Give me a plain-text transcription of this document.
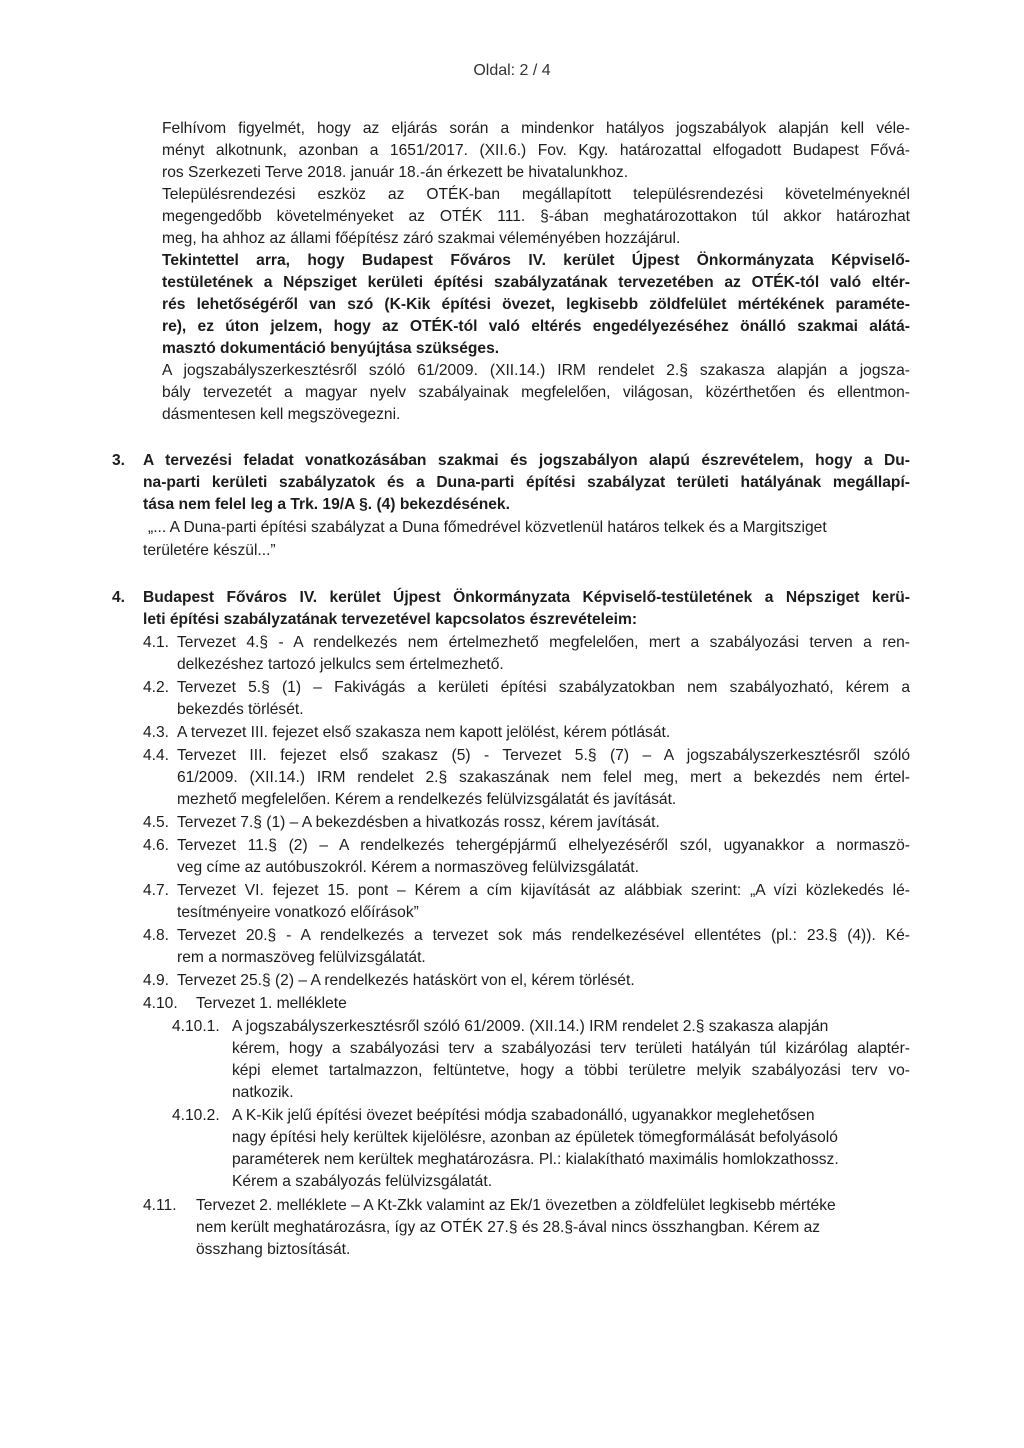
Oldal: 2 / 4
Felhívom figyelmét, hogy az eljárás során a mindenkor hatályos jogszabályok alapján kell véle-
ményt alkotnunk, azonban a 1651/2017. (XII.6.) Fov. Kgy. határozattal elfogadott Budapest Fővá-
ros Szerkezeti Terve 2018. január 18.-án érkezett be hivatalunkhoz.
Településrendezési eszköz az OTÉK-ban megállapított településrendezési követelményeknél
megengedőbb követelményeket az OTÉK 111. §-ában meghatározottakon túl akkor határozhat
meg, ha ahhoz az állami főépítész záró szakmai véleményében hozzájárul.
Tekintettel arra, hogy Budapest Főváros IV. kerület Újpest Önkormányzata Képviselő-
testületének a Népsziget kerületi építési szabályzatának tervezetében az OTÉK-tól való eltér-
rés lehetőségéről van szó (K-Kik építési övezet, legkisebb zöldfelület mértékének paraméte-
re), ez úton jelzem, hogy az OTÉK-tól való eltérés engedélyezéséhez önálló szakmai alátá-
masztó dokumentáció benyújtása szükséges.
A jogszabályszerkesztésről szóló 61/2009. (XII.14.) IRM rendelet 2.§ szakasza alapján a jogsza-
bály tervezetét a magyar nyelv szabályainak megfelelően, világosan, közérthetően és ellentmon-
dásmentesen kell megszövegezni.
3. A tervezési feladat vonatkozásában szakmai és jogszabályon alapú észrevételem, hogy a Du-
na-parti kerületi szabályzatok és a Duna-parti építési szabályzat területi hatályának megállapí-
tása nem felel leg a Trk. 19/A §. (4) bekezdésének.
„... A Duna-parti építési szabályzat a Duna főmedrével közvetlenül határos telkek és a Margitsziget
területére készül...”
4. Budapest Főváros IV. kerület Újpest Önkormányzata Képviselő-testületének a Népsziget kerü-
leti építési szabályzatának tervezetével kapcsolatos észrevételeim:
4.1. Tervezet 4.§ - A rendelkezés nem értelmezhető megfelelően, mert a szabályozási terven a ren-
delkezéshez tartozó jelkulcs sem értelmezhető.
4.2. Tervezet 5.§ (1) – Fakivágás a kerületi építési szabályzatokban nem szabályozható, kérem a
bekezdés törlését.
4.3. A tervezet III. fejezet első szakasza nem kapott jelölést, kérem pótlását.
4.4. Tervezet III. fejezet első szakasz (5) - Tervezet 5.§ (7) – A jogszabályszerkesztésről szóló
61/2009. (XII.14.) IRM rendelet 2.§ szakaszának nem felel meg, mert a bekezdés nem értel-
mezhető megfelelően. Kérem a rendelkezés felülvizsgálatát és javítását.
4.5. Tervezet 7.§ (1) – A bekezdésben a hivatkozás rossz, kérem javítását.
4.6. Tervezet 11.§ (2) – A rendelkezés tehergépjármű elhelyezéséről szól, ugyanakkor a normaszö-
veg címe az autóbuszokról. Kérem a normaszöveg felülvizsgálatát.
4.7. Tervezet VI. fejezet 15. pont – Kérem a cím kijavítását az alábbiak szerint: „A vízi közlekedés lé-
tesítményeire vonatkozó előírások”
4.8. Tervezet 20.§ - A rendelkezés a tervezet sok más rendelkezésével ellentétes (pl.: 23.§ (4)). Ké-
rem a normaszöveg felülvizsgálatát.
4.9. Tervezet 25.§ (2) – A rendelkezés hatáskört von el, kérem törlését.
4.10. Tervezet 1. melléklete
4.10.1. A jogszabályszerkesztésről szóló 61/2009. (XII.14.) IRM rendelet 2.§ szakasza alapján
kérem, hogy a szabályozási terv a szabályozási terv területi hatályán túl kizárólag alaptér-
képi elemet tartalmazzon, feltüntetve, hogy a többi területre melyik szabályozási terv vo-
natkozik.
4.10.2. A K-Kik jelű építési övezet beépítési módja szabadonálló, ugyanakkor meglehetősen
nagy építési hely kerültek kijelölésre, azonban az épületek tömegformálását befolyásoló
paraméterek nem kerültek meghatározásra. Pl.: kialakítható maximális homlokzathossz.
Kérem a szabályozás felülvizsgálatát.
4.11. Tervezet 2. melléklete – A Kt-Zkk valamint az Ek/1 övezetben a zöldfelület legkisebb mértéke
nem került meghatározásra, így az OTÉK 27.§ és 28.§-ával nincs összhangban. Kérem az
összhang biztosítását.
